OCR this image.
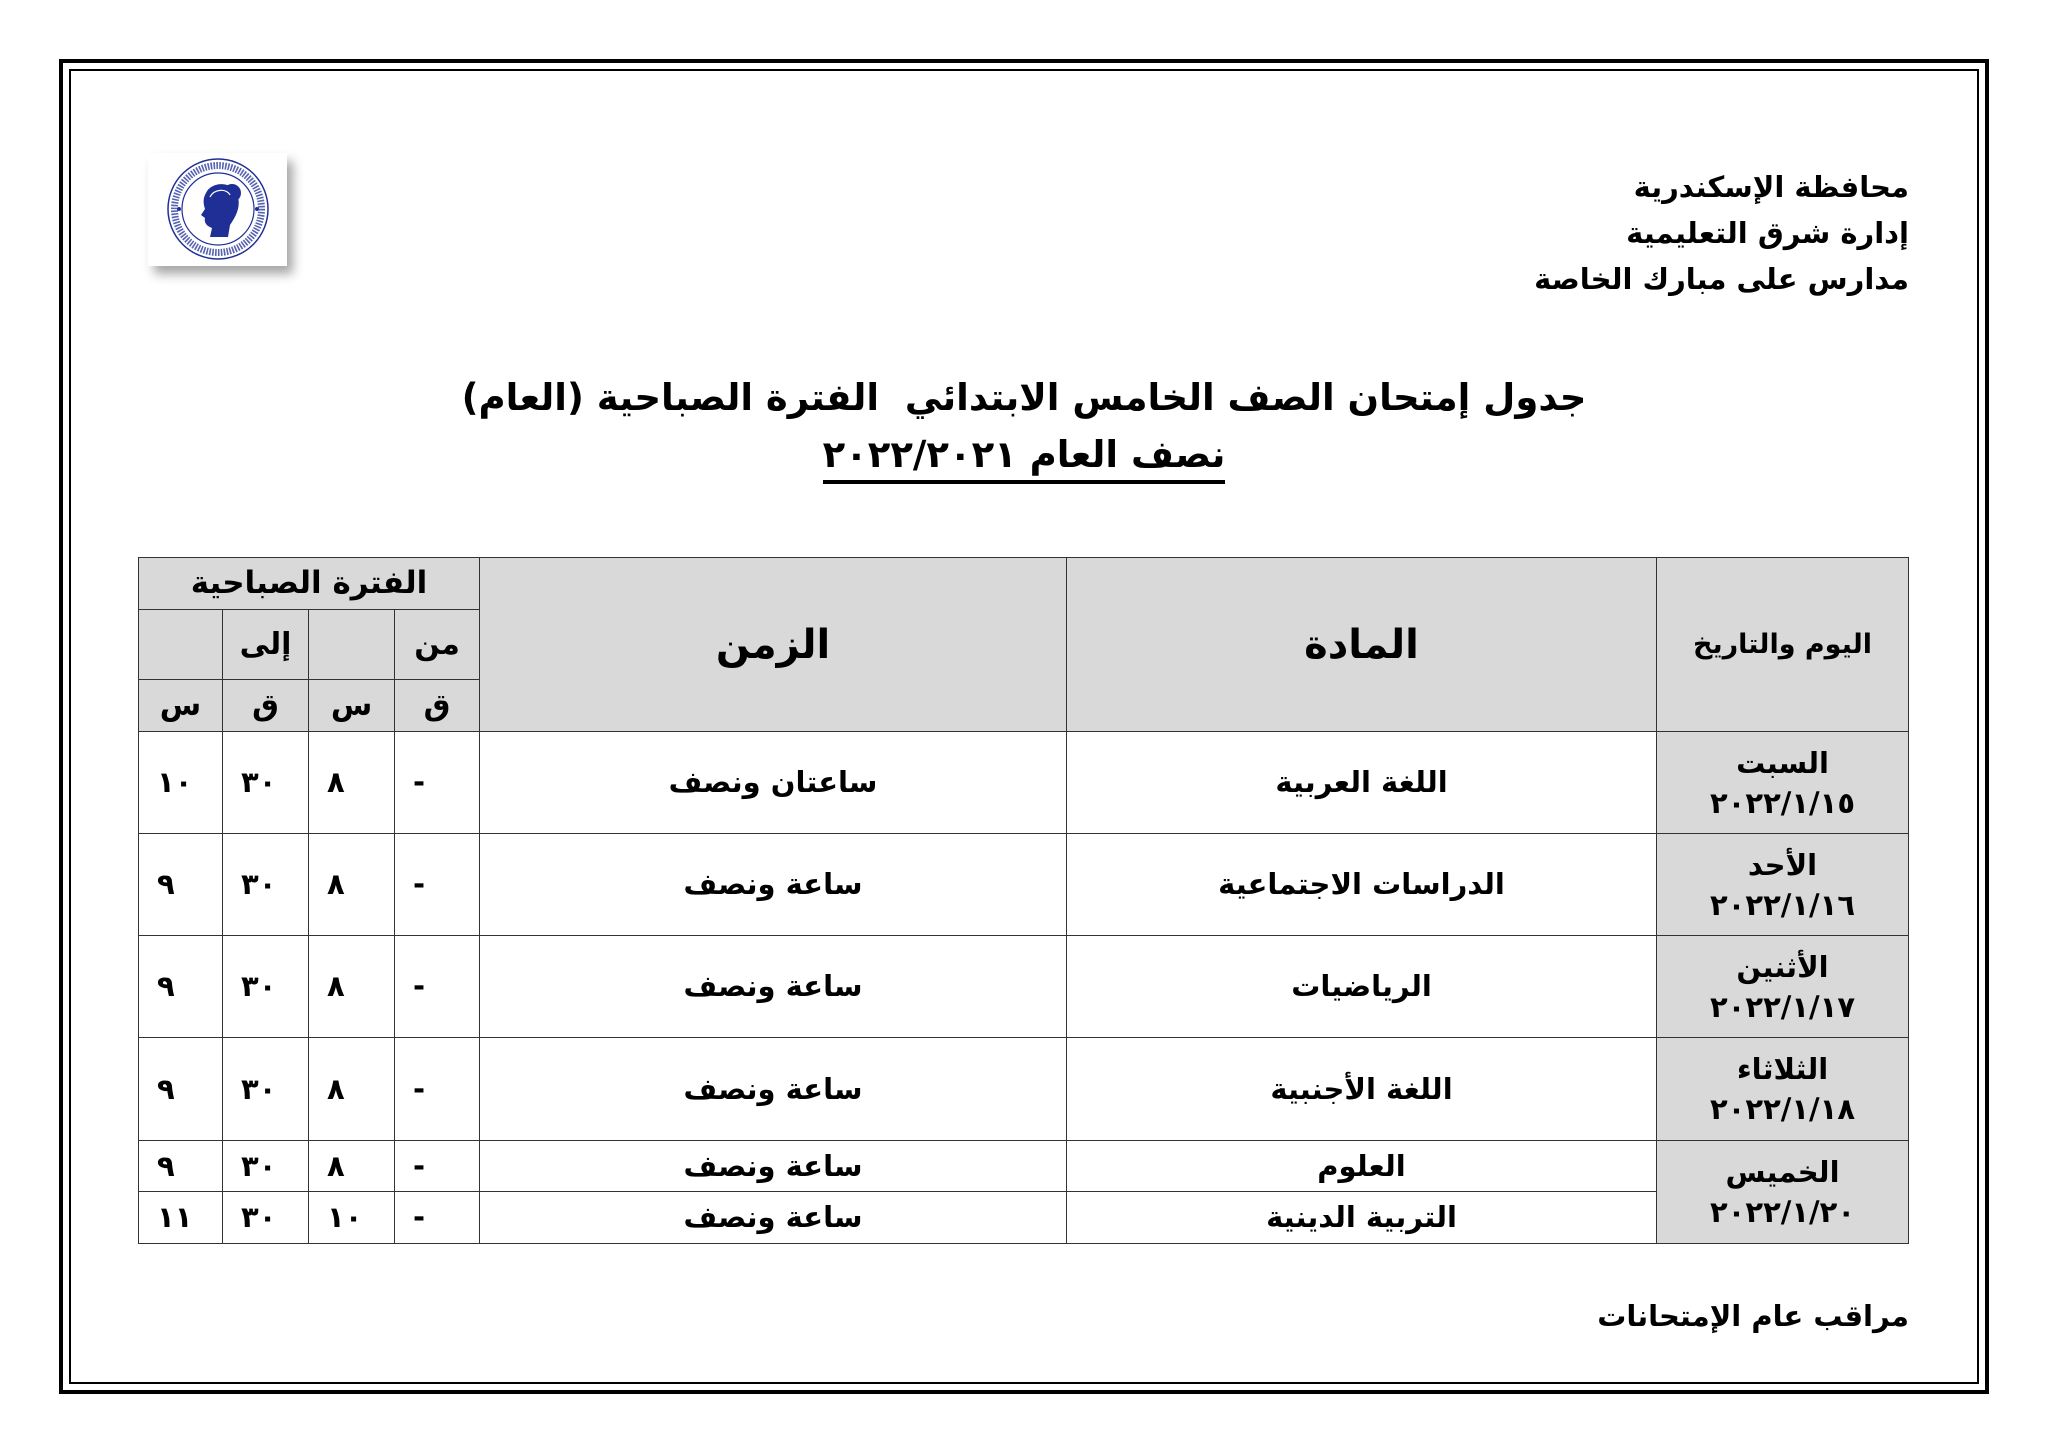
محافظة الإسكندرية
إدارة شرق التعليمية
مدارس على مبارك الخاصة
جدول إمتحان الصف الخامس الابتدائي  الفترة الصباحية (العام)
نصف العام ٢٠٢٢/٢٠٢١
اليوم والتاريخ	المادة	الزمن	الفترة الصباحية			
			من		إلى	
			ق	س	ق	س

السبت
٢٠٢٢/١/١٥	اللغة العربية	ساعتان ونصف	-	٨	٣٠	١٠

الأحد
٢٠٢٢/١/١٦	الدراسات الاجتماعية	ساعة ونصف	-	٨	٣٠	٩

الأثنين
٢٠٢٢/١/١٧	الرياضيات	ساعة ونصف	-	٨	٣٠	٩

الثلاثاء
٢٠٢٢/١/١٨	اللغة الأجنبية	ساعة ونصف	-	٨	٣٠	٩

الخميس
٢٠٢٢/١/٢٠	العلوم	ساعة ونصف	-	٨	٣٠	٩
	التربية الدينية	ساعة ونصف	-	١٠	٣٠	١١
مراقب عام الإمتحانات
